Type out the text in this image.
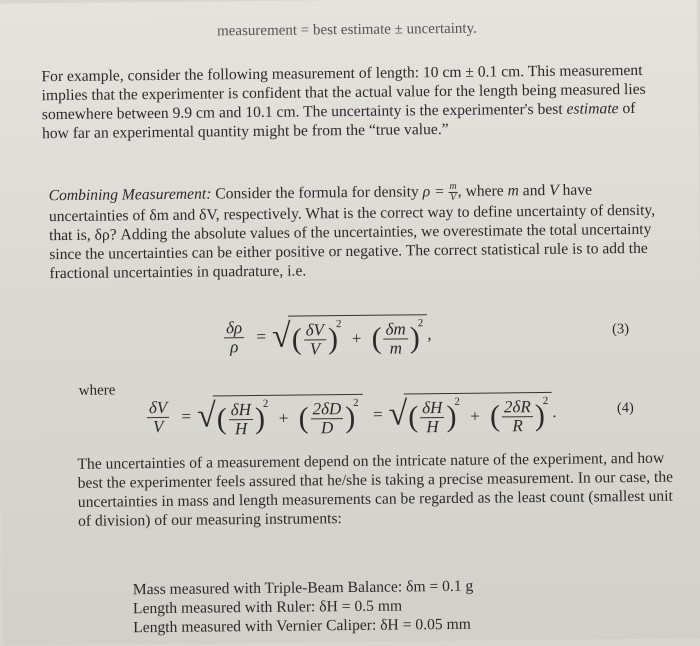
measurement = best estimate ± uncertainty.

For example, consider the following measurement of length: 10 cm ± 0.1 cm. This measurement implies that the experimenter is confident that the actual value for the length being measured lies somewhere between 9.9 cm and 10.1 cm. The uncertainty is the experimenter's best estimate of how far an experimental quantity might be from the “true value.”

Combining Measurement: Consider the formula for density $\rho = \frac{m}{V}$ , where m and V have uncertainties of δm and δV, respectively. What is the correct way to define uncertainty of density, that is, δρ? Adding the absolute values of the uncertainties, we overestimate the total uncertainty since the uncertainties can be either positive or negative. The correct statistical rule is to add the fractional uncertainties in quadrature, i.e.

$\frac{\delta\rho}{\rho}$ = √( $\frac{\delta V}{V} )^2$ + ( $\frac{\delta m}{m} )^2$,	(3)
where
$\frac{\delta V}{V}$ = √( $\frac{\delta H}{H} )^2$ + ( $\frac{2\delta D}{D} )^2$ = √( $\frac{\delta H}{H} )^2$ + ( $\frac{2\delta R}{R} )^2$.	(4)

The uncertainties of a measurement depend on the intricate nature of the experiment, and how best the experimenter feels assured that he/she is taking a precise measurement. In our case, the uncertainties in mass and length measurements can be regarded as the least count (smallest unit of division) of our measuring instruments:

Mass measured with Triple-Beam Balance: δm = 0.1 g
Length measured with Ruler: δH = 0.5 mm
Length measured with Vernier Caliper: δH = 0.05 mm
